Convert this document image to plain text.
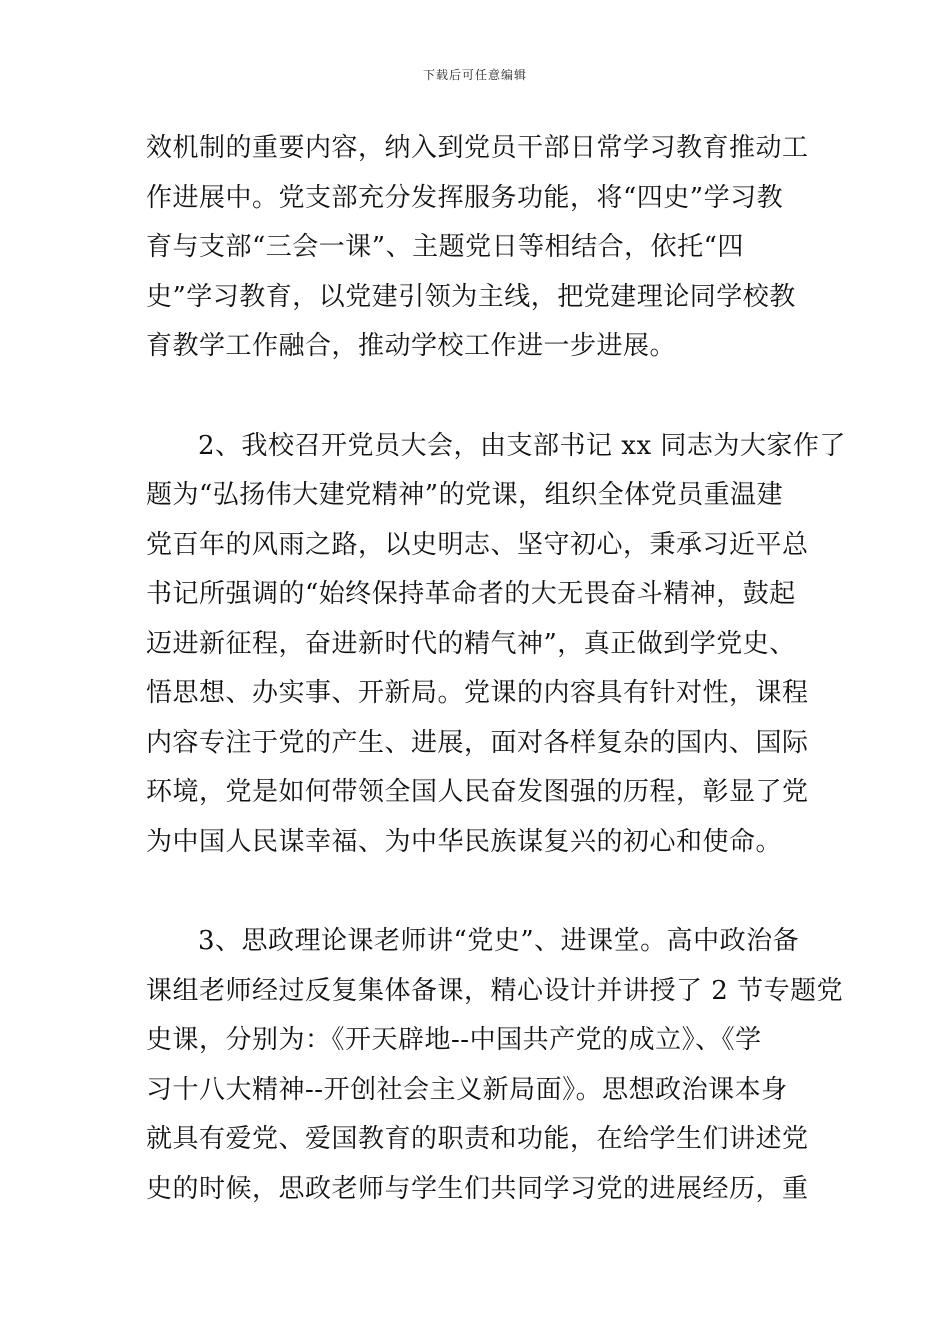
下载后可任意编辑
效机制的重要内容，纳入到党员干部日常学习教育推动工
作进展中。党支部充分发挥服务功能，将“四史”学习教
育与支部“三会一课”、主题党日等相结合，依托“四
史”学习教育，以党建引领为主线，把党建理论同学校教
育教学工作融合，推动学校工作进一步进展。
2、我校召开党员大会，由支部书记 xx 同志为大家作了
题为“弘扬伟大建党精神”的党课，组织全体党员重温建
党百年的风雨之路，以史明志、坚守初心，秉承习近平总
书记所强调的“始终保持革命者的大无畏奋斗精神，鼓起
迈进新征程，奋进新时代的精气神”，真正做到学党史、
悟思想、办实事、开新局。党课的内容具有针对性，课程
内容专注于党的产生、进展，面对各样复杂的国内、国际
环境，党是如何带领全国人民奋发图强的历程，彰显了党
为中国人民谋幸福、为中华民族谋复兴的初心和使命。
3、思政理论课老师讲“党史”、进课堂。高中政治备
课组老师经过反复集体备课，精心设计并讲授了 2 节专题党
史课，分别为：《开天辟地--中国共产党的成立》、《学
习十八大精神--开创社会主义新局面》。思想政治课本身
就具有爱党、爱国教育的职责和功能，在给学生们讲述党
史的时候，思政老师与学生们共同学习党的进展经历，重
